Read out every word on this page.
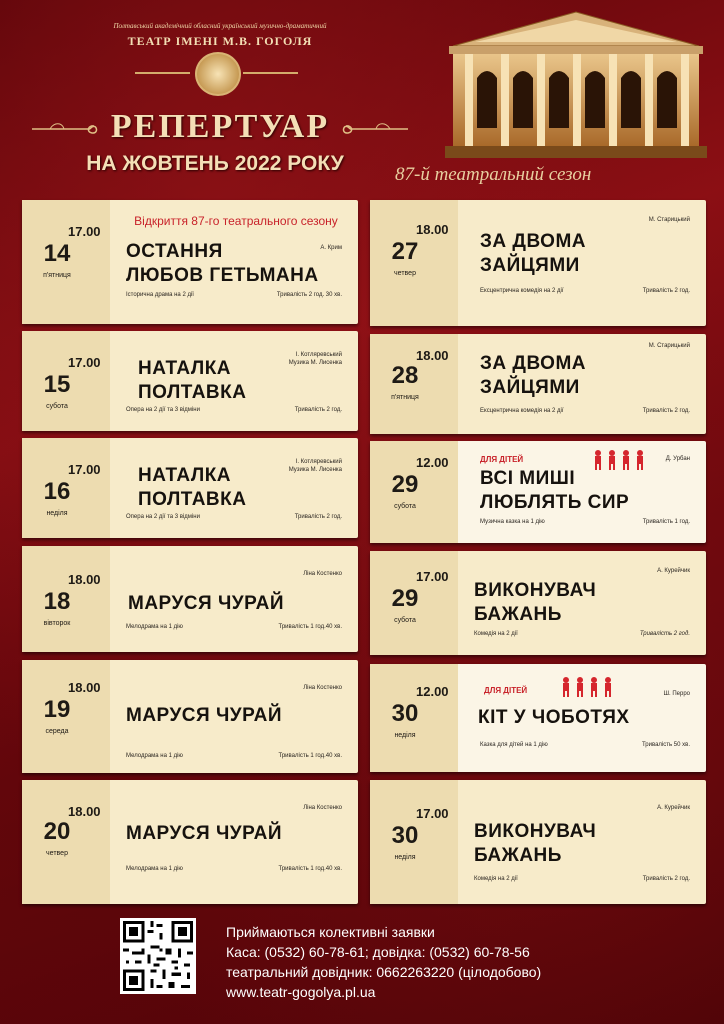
Полтавський академічний обласний український музично-драматичний
ТЕАТР ІМЕНІ М.В. ГОГОЛЯ
РЕПЕРТУАР
НА ЖОВТЕНЬ 2022 РОКУ	87-й театральний сезон
17.00
14
п'ятниця
Відкриття 87-го театрального сезону
А. Крим
ОСТАННЯ
ЛЮБОВ ГЕТЬМАНА
Історична драма на 2 дії	Тривалість 2 год. 30 хв.
17.00
15
субота
І. Котляревський
Музика М. Лисенка
НАТАЛКА
ПОЛТАВКА
Опера на 2 дії та 3 відміни	Тривалість 2 год.
17.00
16
неділя
І. Котляревський
Музика М. Лисенка
НАТАЛКА
ПОЛТАВКА
Опера на 2 дії та 3 відміни	Тривалість 2 год.
18.00
18
вівторок
Ліна Костенко
МАРУСЯ ЧУРАЙ
Мелодрама на 1 дію	Тривалість 1 год.40 хв.
18.00
19
середа
Ліна Костенко
МАРУСЯ ЧУРАЙ
Мелодрама на 1 дію	Тривалість 1 год.40 хв.
18.00
20
четвер
Ліна Костенко
МАРУСЯ ЧУРАЙ
Мелодрама на 1 дію	Тривалість 1 год.40 хв.
18.00
27
четвер
М. Старицький
ЗА ДВОМА
ЗАЙЦЯМИ
Ексцентрична комедія на 2 дії	Тривалість 2 год.
18.00
28
п'ятниця
М. Старицький
ЗА ДВОМА
ЗАЙЦЯМИ
Ексцентрична комедія на 2 дії	Тривалість 2 год.
12.00
29
субота
ДЛЯ ДІТЕЙ	Д. Урбан
ВСІ МИШІ
ЛЮБЛЯТЬ СИР
Музична казка на 1 дію	Тривалість 1 год.
17.00
29
субота
А. Курейчик
ВИКОНУВАЧ
БАЖАНЬ
Комедія на 2 дії	Тривалість 2 год.
12.00
30
неділя
ДЛЯ ДІТЕЙ	Ш. Перро
КІТ У ЧОБОТЯХ
Казка для дітей на 1 дію	Тривалість 50 хв.
17.00
30
неділя
А. Курейчик
ВИКОНУВАЧ
БАЖАНЬ
Комедія на 2 дії	Тривалість 2 год.
Приймаються колективні заявки
Каса: (0532) 60-78-61; довідка: (0532) 60-78-56
театральний довідник: 0662263220 (цілодобово)
www.teatr-gogolya.pl.ua
